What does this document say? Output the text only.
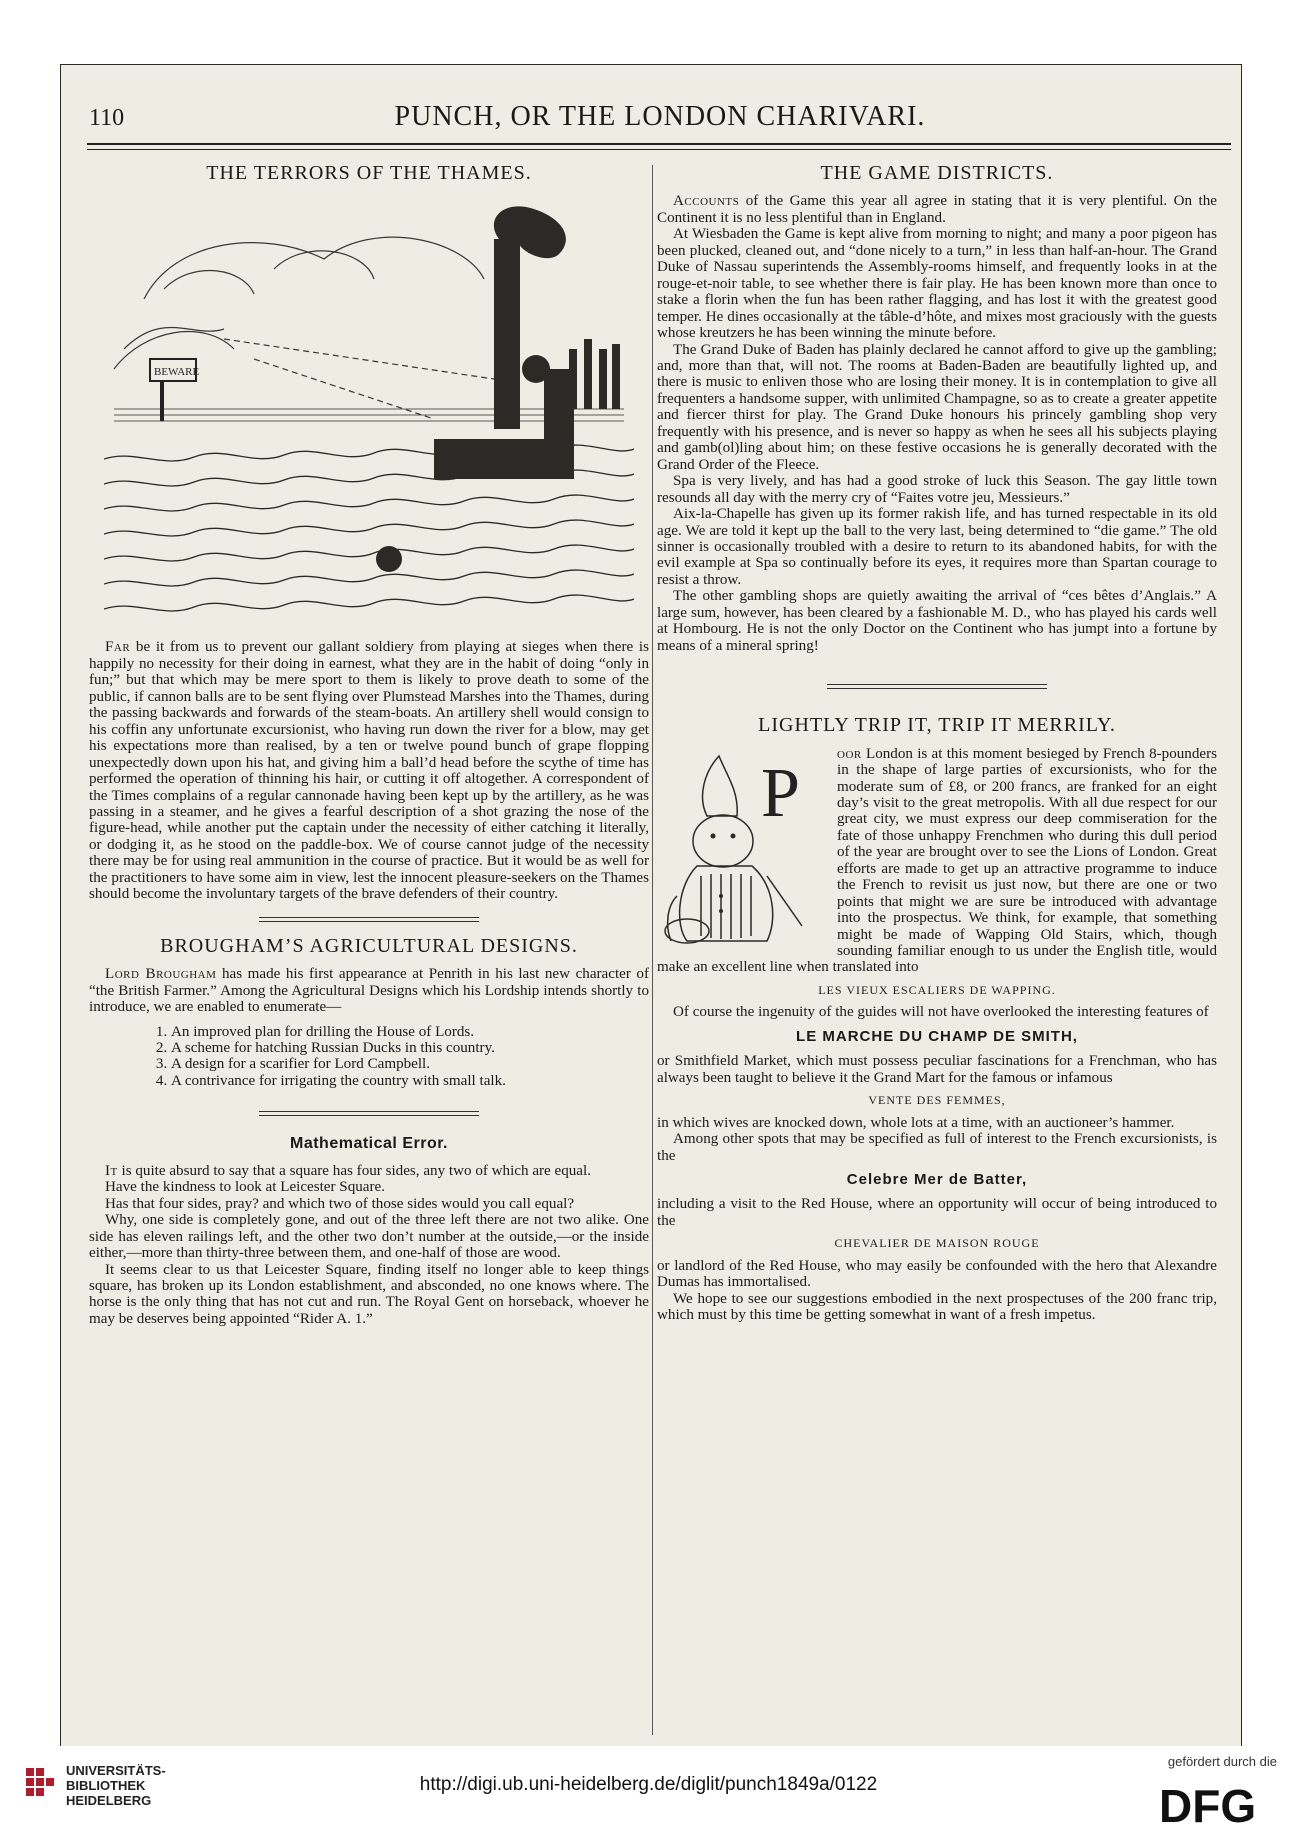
110	PUNCH, OR THE LONDON CHARIVARI.
THE TERRORS OF THE THAMES.
BEWARE

Far be it from us to prevent our gallant soldiery from playing at sieges when there is happily no necessity for their doing in earnest, what they are in the habit of doing “only in fun;” but that which may be mere sport to them is likely to prove death to some of the public, if cannon balls are to be sent flying over Plumstead Marshes into the Thames, during the passing backwards and forwards of the steam-boats. An artillery shell would consign to his coffin any unfortunate excursionist, who having run down the river for a blow, may get his expectations more than realised, by a ten or twelve pound bunch of grape flopping unexpectedly down upon his hat, and giving him a ball’d head before the scythe of time has performed the operation of thinning his hair, or cutting it off altogether. A correspondent of the Times complains of a regular cannonade having been kept up by the artillery, as he was passing in a steamer, and he gives a fearful description of a shot grazing the nose of the figure-head, while another put the captain under the necessity of either catching it literally, or dodging it, as he stood on the paddle-box. We of course cannot judge of the necessity there may be for using real ammunition in the course of practice. But it would be as well for the practitioners to have some aim in view, lest the innocent pleasure-seekers on the Thames should become the involuntary targets of the brave defenders of their country.

BROUGHAM’S AGRICULTURAL DESIGNS.

Lord Brougham has made his first appearance at Penrith in his last new character of “the British Farmer.” Among the Agricultural Designs which his Lordship intends shortly to introduce, we are enabled to enumerate—

1. An improved plan for drilling the House of Lords.
2. A scheme for hatching Russian Ducks in this country.
3. A design for a scarifier for Lord Campbell.
4. A contrivance for irrigating the country with small talk.
Mathematical Error.

It is quite absurd to say that a square has four sides, any two of which are equal.

Have the kindness to look at Leicester Square.

Has that four sides, pray? and which two of those sides would you call equal?

Why, one side is completely gone, and out of the three left there are not two alike. One side has eleven railings left, and the other two don’t number at the outside,—or the inside either,—more than thirty-three between them, and one-half of those are wood.

It seems clear to us that Leicester Square, finding itself no longer able to keep things square, has broken up its London establishment, and absconded, no one knows where. The horse is the only thing that has not cut and run. The Royal Gent on horseback, whoever he may be deserves being appointed “Rider A. 1.”

THE GAME DISTRICTS.

Accounts of the Game this year all agree in stating that it is very plentiful. On the Continent it is no less plentiful than in England.

At Wiesbaden the Game is kept alive from morning to night; and many a poor pigeon has been plucked, cleaned out, and “done nicely to a turn,” in less than half-an-hour. The Grand Duke of Nassau superintends the Assembly-rooms himself, and frequently looks in at the rouge-et-noir table, to see whether there is fair play. He has been known more than once to stake a florin when the fun has been rather flagging, and has lost it with the greatest good temper. He dines occasionally at the tâble-d’hôte, and mixes most graciously with the guests whose kreutzers he has been winning the minute before.

The Grand Duke of Baden has plainly declared he cannot afford to give up the gambling; and, more than that, will not. The rooms at Baden-Baden are beautifully lighted up, and there is music to enliven those who are losing their money. It is in contemplation to give all frequenters a handsome supper, with unlimited Champagne, so as to create a greater appetite and fiercer thirst for play. The Grand Duke honours his princely gambling shop very frequently with his presence, and is never so happy as when he sees all his subjects playing and gamb(ol)ling about him; on these festive occasions he is generally decorated with the Grand Order of the Fleece.

Spa is very lively, and has had a good stroke of luck this Season. The gay little town resounds all day with the merry cry of “Faites votre jeu, Messieurs.”

Aix-la-Chapelle has given up its former rakish life, and has turned respectable in its old age. We are told it kept up the ball to the very last, being determined to “die game.” The old sinner is occasionally troubled with a desire to return to its abandoned habits, for with the evil example at Spa so continually before its eyes, it requires more than Spartan courage to resist a throw.

The other gambling shops are quietly awaiting the arrival of “ces bêtes d’Anglais.” A large sum, however, has been cleared by a fashionable M. D., who has played his cards well at Hombourg. He is not the only Doctor on the Continent who has jumpt into a fortune by means of a mineral spring!

LIGHTLY TRIP IT, TRIP IT MERRILY.
P

oor London is at this moment besieged by French 8-pounders in the shape of large parties of excursionists, who for the moderate sum of £8, or 200 francs, are franked for an eight day’s visit to the great metropolis. With all due respect for our great city, we must express our deep commiseration for the fate of those unhappy Frenchmen who during this dull period of the year are brought over to see the Lions of London. Great efforts are made to get up an attractive programme to induce the French to revisit us just now, but there are one or two points that might we are sure be introduced with advantage into the prospectus. We think, for example, that something might be made of Wapping Old Stairs, which, though sounding familiar enough to us under the English title, would make an excellent line when translated into

LES VIEUX ESCALIERS DE WAPPING.

Of course the ingenuity of the guides will not have overlooked the interesting features of

LE MARCHE DU CHAMP DE SMITH,

or Smithfield Market, which must possess peculiar fascinations for a Frenchman, who has always been taught to believe it the Grand Mart for the famous or infamous

VENTE DES FEMMES,

in which wives are knocked down, whole lots at a time, with an auctioneer’s hammer.

Among other spots that may be specified as full of interest to the French excursionists, is the

Celebre Mer de Batter,

including a visit to the Red House, where an opportunity will occur of being introduced to the

CHEVALIER DE MAISON ROUGE

or landlord of the Red House, who may easily be confounded with the hero that Alexandre Dumas has immortalised.

We hope to see our suggestions embodied in the next prospectuses of the 200 franc trip, which must by this time be getting somewhat in want of a fresh impetus.

UNIVERSITÄTS-
BIBLIOTHEK
HEIDELBERG
http://digi.ub.uni-heidelberg.de/diglit/punch1849a/0122
gefördert durch die
DFG
